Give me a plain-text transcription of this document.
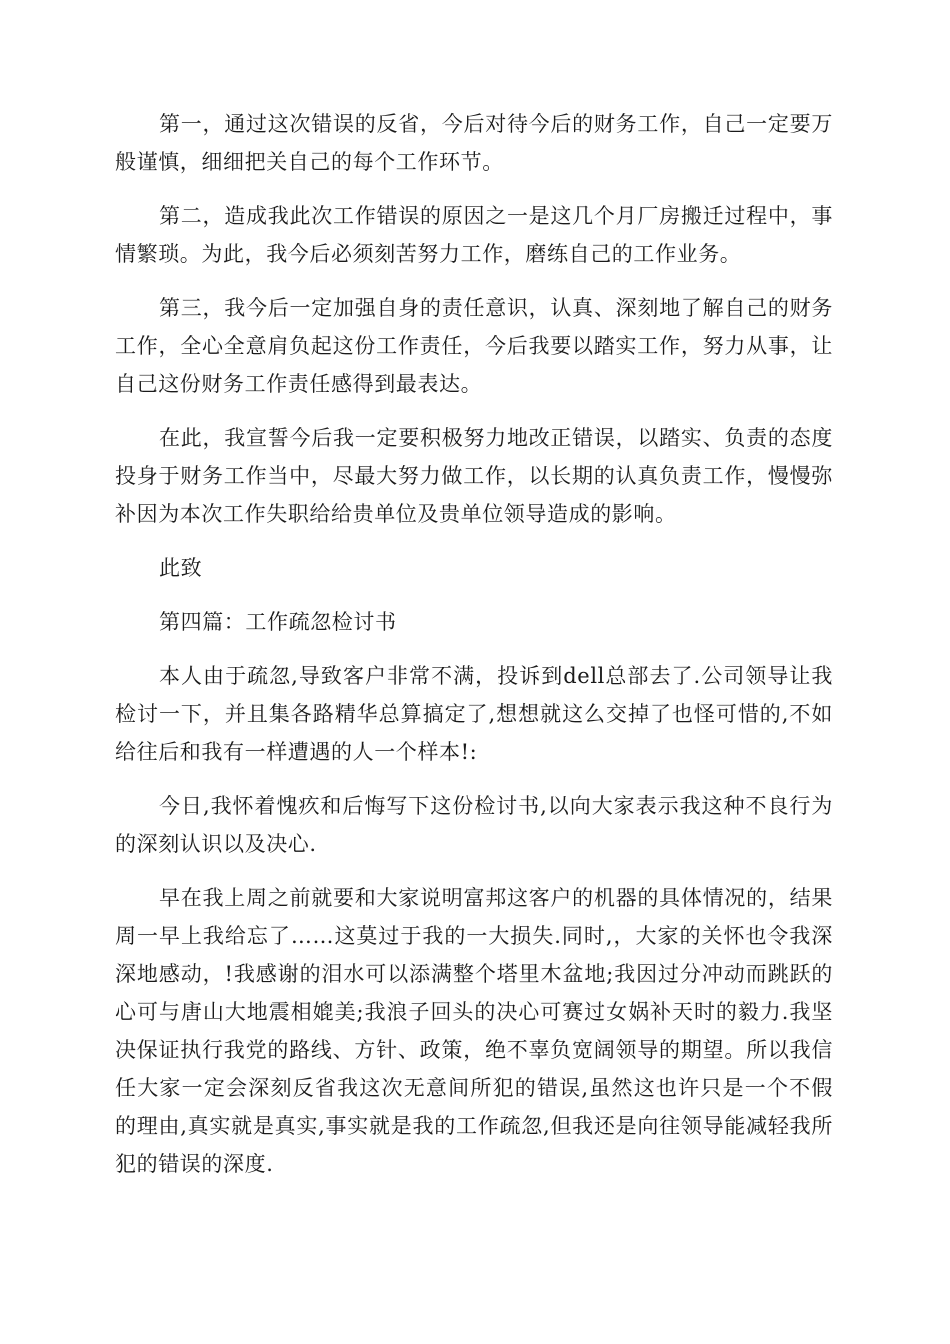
第一，通过这次错误的反省，今后对待今后的财务工作，自己一定要万般谨慎，细细把关自己的每个工作环节。

第二，造成我此次工作错误的原因之一是这几个月厂房搬迁过程中，事情繁琐。为此，我今后必须刻苦努力工作，磨练自己的工作业务。

第三，我今后一定加强自身的责任意识，认真、深刻地了解自己的财务工作，全心全意肩负起这份工作责任，今后我要以踏实工作，努力从事，让自己这份财务工作责任感得到最表达。

在此，我宣誓今后我一定要积极努力地改正错误，以踏实、负责的态度投身于财务工作当中，尽最大努力做工作，以长期的认真负责工作，慢慢弥补因为本次工作失职给给贵单位及贵单位领导造成的影响。

此致

第四篇：工作疏忽检讨书

本人由于疏忽,导致客户非常不满，投诉到dell总部去了.公司领导让我检讨一下，并且集各路精华总算搞定了,想想就这么交掉了也怪可惜的,不如给往后和我有一样遭遇的人一个样本!:

今日,我怀着愧疚和后悔写下这份检讨书,以向大家表示我这种不良行为的深刻认识以及决心.

早在我上周之前就要和大家说明富邦这客户的机器的具体情况的，结果周一早上我给忘了……这莫过于我的一大损失.同时,，大家的关怀也令我深深地感动，!我感谢的泪水可以添满整个塔里木盆地;我因过分冲动而跳跃的心可与唐山大地震相媲美;我浪子回头的决心可赛过女娲补天时的毅力.我坚决保证执行我党的路线、方针、政策，绝不辜负宽阔领导的期望。所以我信任大家一定会深刻反省我这次无意间所犯的错误,虽然这也许只是一个不假的理由,真实就是真实,事实就是我的工作疏忽,但我还是向往领导能减轻我所犯的错误的深度.
